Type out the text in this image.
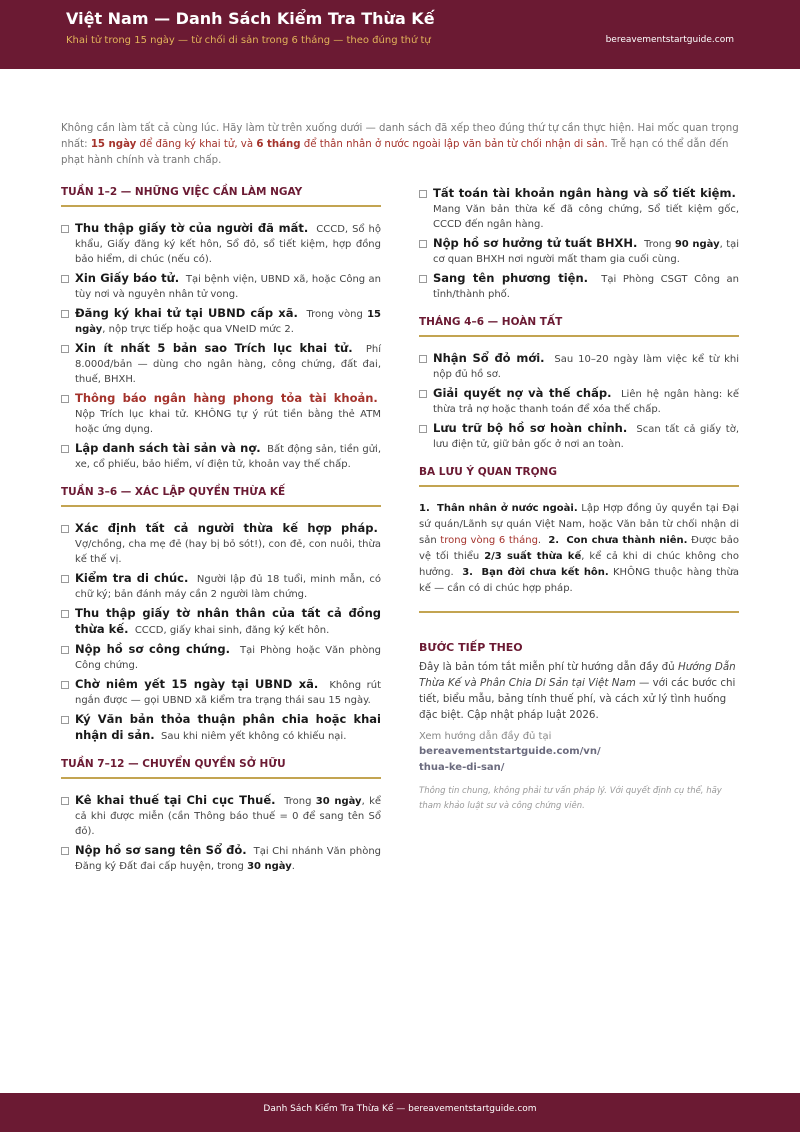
Việt Nam — Danh Sách Kiểm Tra Thừa Kế
Khai tử trong 15 ngày — từ chối di sản trong 6 tháng — theo đúng thứ tự	bereavementstartguide.com
Không cần làm tất cả cùng lúc. Hãy làm từ trên xuống dưới — danh sách đã xếp theo đúng thứ tự cần thực hiện. Hai mốc quan trọng nhất: 15 ngày để đăng ký khai tử, và 6 tháng để thân nhân ở nước ngoài lập văn bản từ chối nhận di sản. Trễ hạn có thể dẫn đến phạt hành chính và tranh chấp.
TUẦN 1–2 — NHỮNG VIỆC CẦN LÀM NGAY
Thu thập giấy tờ của người đã mất. CCCD, Sổ hộ khẩu, Giấy đăng ký kết hôn, Sổ đỏ, sổ tiết kiệm, hợp đồng bảo hiểm, di chúc (nếu có).
Xin Giấy báo tử. Tại bệnh viện, UBND xã, hoặc Công an tùy nơi và nguyên nhân tử vong.
Đăng ký khai tử tại UBND cấp xã. Trong vòng 15 ngày, nộp trực tiếp hoặc qua VNeID mức 2.
Xin ít nhất 5 bản sao Trích lục khai tử. Phí 8.000đ/bản — dùng cho ngân hàng, công chứng, đất đai, thuế, BHXH.
Thông báo ngân hàng phong tỏa tài khoản.  Nộp Trích lục khai tử. KHÔNG tự ý rút tiền bằng thẻ ATM hoặc ứng dụng.
Lập danh sách tài sản và nợ. Bất động sản, tiền gửi, xe, cổ phiếu, bảo hiểm, ví điện tử, khoản vay thế chấp.
TUẦN 3–6 — XÁC LẬP QUYỀN THỪA KẾ
Xác định tất cả người thừa kế hợp pháp.  Vợ/chồng, cha mẹ đẻ (hay bị bỏ sót!), con đẻ, con nuôi, thừa kế thế vị.
Kiểm tra di chúc. Người lập đủ 18 tuổi, minh mẫn, có chữ ký; bản đánh máy cần 2 người làm chứng.
Thu thập giấy tờ nhân thân của tất cả đồng thừa kế. CCCD, giấy khai sinh, đăng ký kết hôn.
Nộp hồ sơ công chứng. Tại Phòng hoặc Văn phòng Công chứng.
Chờ niêm yết 15 ngày tại UBND xã. Không rút ngắn được — gọi UBND xã kiểm tra trạng thái sau 15 ngày.
Ký Văn bản thỏa thuận phân chia hoặc khai nhận di sản. Sau khi niêm yết không có khiếu nại.
TUẦN 7–12 — CHUYỂN QUYỀN SỞ HỮU
Kê khai thuế tại Chi cục Thuế. Trong 30 ngày, kể cả khi được miễn (cần Thông báo thuế = 0 để sang tên Sổ đỏ).
Nộp hồ sơ sang tên Sổ đỏ. Tại Chi nhánh Văn phòng Đăng ký Đất đai cấp huyện, trong 30 ngày.
Tất toán tài khoản ngân hàng và sổ tiết kiệm.  Mang Văn bản thừa kế đã công chứng, Sổ tiết kiệm gốc, CCCD đến ngân hàng.
Nộp hồ sơ hưởng tử tuất BHXH. Trong 90 ngày, tại cơ quan BHXH nơi người mất tham gia cuối cùng.
Sang tên phương tiện. Tại Phòng CSGT Công an tỉnh/thành phố.
THÁNG 4–6 — HOÀN TẤT
Nhận Sổ đỏ mới. Sau 10–20 ngày làm việc kể từ khi nộp đủ hồ sơ.
Giải quyết nợ và thế chấp. Liên hệ ngân hàng: kế thừa trả nợ hoặc thanh toán để xóa thế chấp.
Lưu trữ bộ hồ sơ hoàn chỉnh. Scan tất cả giấy tờ, lưu điện tử, giữ bản gốc ở nơi an toàn.
BA LƯU Ý QUAN TRỌNG
1. Thân nhân ở nước ngoài. Lập Hợp đồng ủy quyền tại Đại sứ quán/Lãnh sự quán Việt Nam, hoặc Văn bản từ chối nhận di sản trong vòng 6 tháng. 2. Con chưa thành niên. Được bảo vệ tối thiểu 2/3 suất thừa kế, kể cả khi di chúc không cho hưởng. 3. Bạn đời chưa kết hôn. KHÔNG thuộc hàng thừa kế — cần có di chúc hợp pháp.
BƯỚC TIẾP THEO
Đây là bản tóm tắt miễn phí từ hướng dẫn đầy đủ Hướng Dẫn Thừa Kế và Phân Chia Di Sản tại Việt Nam — với các bước chi tiết, biểu mẫu, bảng tính thuế phí, và cách xử lý tình huống đặc biệt. Cập nhật pháp luật 2026.
Xem hướng dẫn đầy đủ tại
bereavementstartguide.com/vn/
thua-ke-di-san/
Thông tin chung, không phải tư vấn pháp lý. Với quyết định cụ thể, hãy tham khảo luật sư và công chứng viên.
Danh Sách Kiểm Tra Thừa Kế — bereavementstartguide.com
